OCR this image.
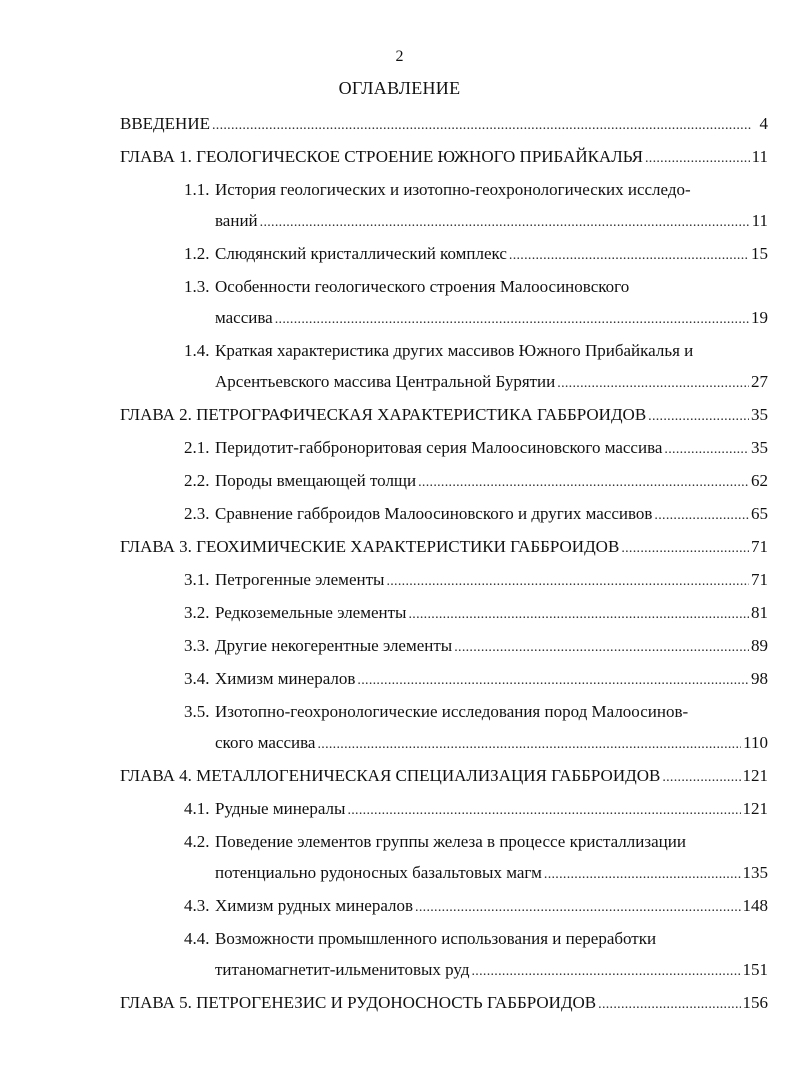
2
ОГЛАВЛЕНИЕ
ВВЕДЕНИЕ . . .	4
ГЛАВА 1. ГЕОЛОГИЧЕСКОЕ СТРОЕНИЕ ЮЖНОГО ПРИБАЙКАЛЬЯ . . .	11
1.1. История геологических и изотопно-геохронологических исследо-
ваний . . .	11
1.2. Слюдянский кристаллический комплекс . . .	15
1.3. Особенности геологического строения Малоосиновского
массива . . .	19
1.4. Краткая характеристика других массивов Южного Прибайкалья и
Арсентьевского массива Центральной Бурятии . . .	27
ГЛАВА 2. ПЕТРОГРАФИЧЕСКАЯ ХАРАКТЕРИСТИКА ГАББРОИДОВ . . .	35
2.1. Перидотит-габброноритовая серия Малоосиновского массива . . .	35
2.2. Породы вмещающей толщи . . .	62
2.3. Сравнение габброидов Малоосиновского и других массивов . . .	65
ГЛАВА 3. ГЕОХИМИЧЕСКИЕ ХАРАКТЕРИСТИКИ ГАББРОИДОВ . . .	71
3.1. Петрогенные элементы . . .	71
3.2. Редкоземельные элементы . . .	81
3.3. Другие некогерентные элементы . . .	89
3.4. Химизм минералов . . .	98
3.5. Изотопно-геохронологические исследования пород Малоосинов-
ского массива . . .	110
ГЛАВА 4. МЕТАЛЛОГЕНИЧЕСКАЯ СПЕЦИАЛИЗАЦИЯ ГАББРОИДОВ . . .	121
4.1. Рудные минералы . . .	121
4.2. Поведение элементов группы железа в процессе кристаллизации
потенциально рудоносных базальтовых магм . . .	135
4.3. Химизм рудных минералов . . .	148
4.4. Возможности промышленного использования и переработки
титаномагнетит-ильменитовых руд . . .	151
ГЛАВА 5. ПЕТРОГЕНЕЗИС И РУДОНОСНОСТЬ ГАББРОИДОВ . . .	156
